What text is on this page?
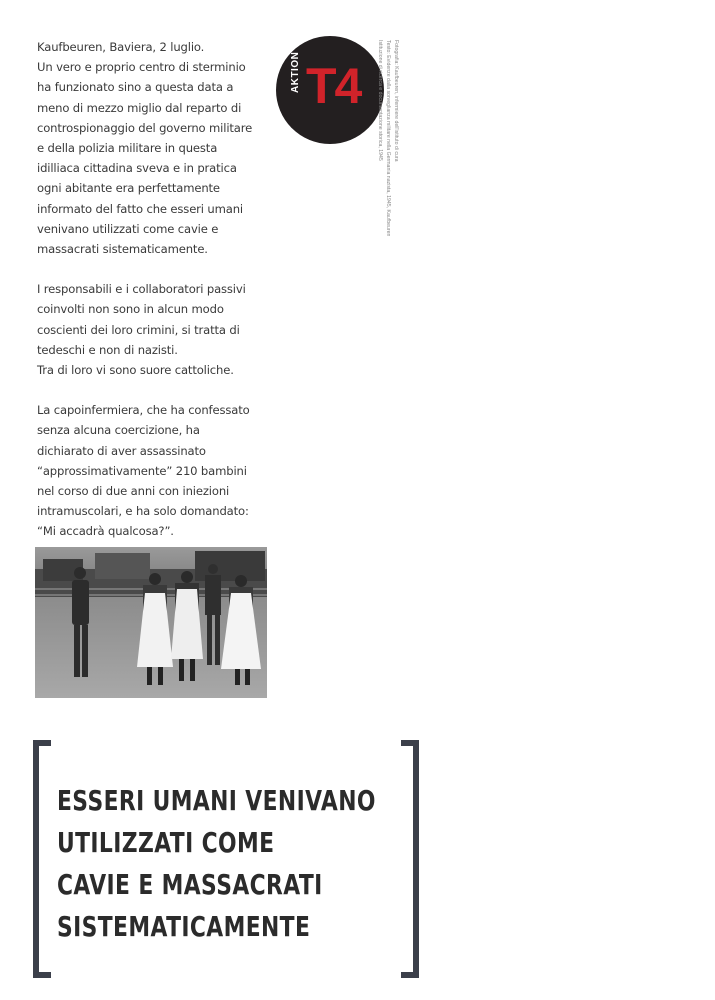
Kaufbeuren, Baviera, 2 luglio.
Un vero e proprio centro di sterminio
ha funzionato sino a questa data a
meno di mezzo miglio dal reparto di
controspionaggio del governo militare
e della polizia militare in questa
idilliaca cittadina sveva e in pratica
ogni abitante era perfettamente
informato del fatto che esseri umani
venivano utilizzati come cavie e
massacrati sistematicamente.

I responsabili e i collaboratori passivi
coinvolti non sono in alcun modo
coscienti dei loro crimini, si tratta di
tedeschi e non di nazisti.
Tra di loro vi sono suore cattoliche.

La capoinfermiera, che ha confessato
senza alcuna coercizione, ha
dichiarato di aver assassinato
“approssimativamente” 210 bambini
nel corso di due anni con iniezioni
intramuscolari, e ha solo domandato:
“Mi accadrà qualcosa?”.

AKTION T4	Fotografia: Kaufbeuren, infermiere dell'istituto di cura
Testo: Evidenze dalla sorveglianza militare nella Germania nazista, 1945, Kaufbeuren
Istituzione di ricerca e documentazione storica, 1945
ESSERI UMANI VENIVANO
UTILIZZATI COME
CAVIE E MASSACRATI
SISTEMATICAMENTE
